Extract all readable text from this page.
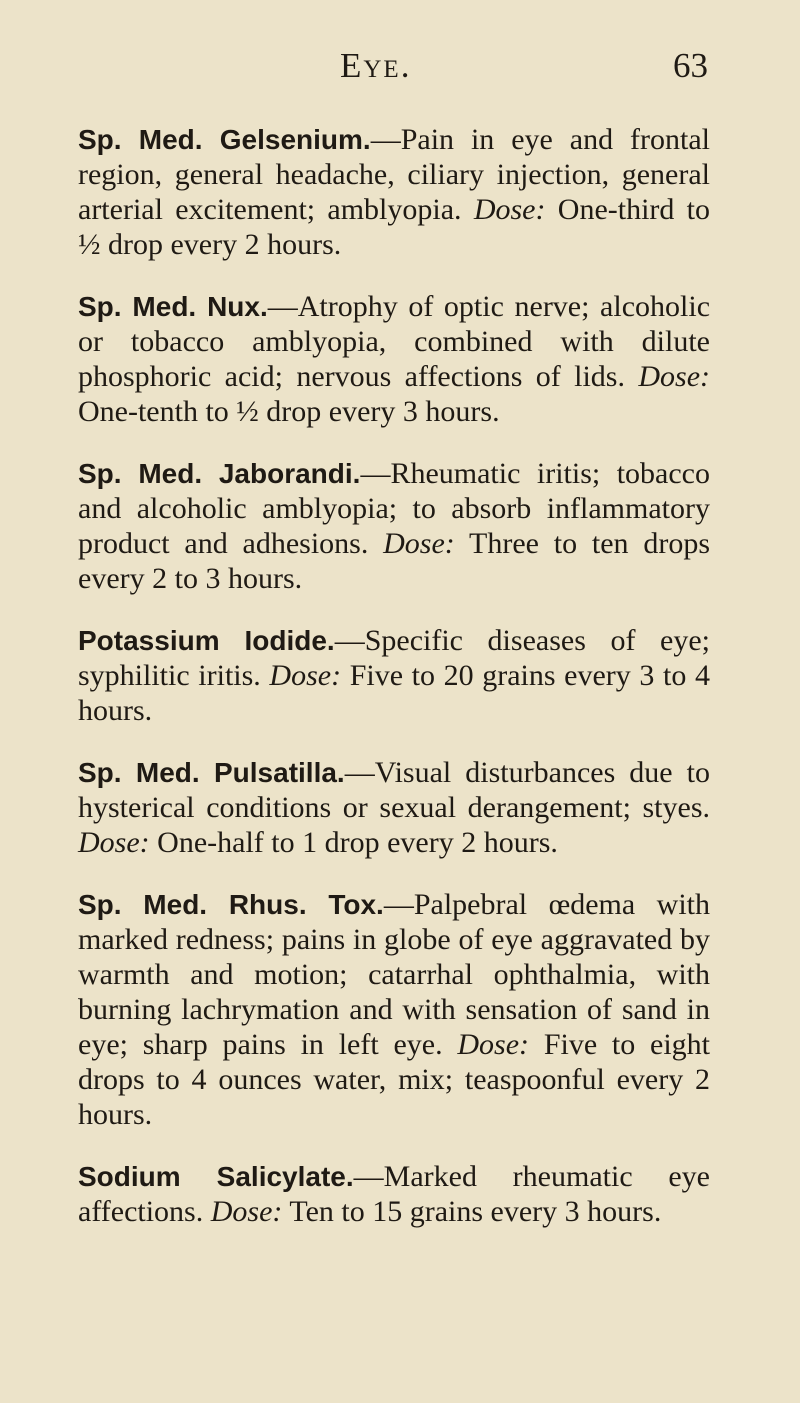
Eye.	63

Sp. Med. Gelsenium.—Pain in eye and frontal region, general headache, ciliary injection, general arterial excitement; amblyopia. Dose: One-third to ½ drop every 2 hours.

Sp. Med. Nux.—Atrophy of optic nerve; alcoholic or tobacco amblyopia, combined with dilute phosphoric acid; nervous affections of lids. Dose: One-tenth to ½ drop every 3 hours.

Sp. Med. Jaborandi.—Rheumatic iritis; tobacco and alcoholic amblyopia; to absorb inflammatory product and adhesions. Dose: Three to ten drops every 2 to 3 hours.

Potassium Iodide.—Specific diseases of eye; syphilitic iritis. Dose: Five to 20 grains every 3 to 4 hours.

Sp. Med. Pulsatilla.—Visual disturbances due to hysterical conditions or sexual derangement; styes. Dose: One-half to 1 drop every 2 hours.

Sp. Med. Rhus. Tox.—Palpebral œdema with marked redness; pains in globe of eye aggravated by warmth and motion; catarrhal ophthalmia, with burning lachrymation and with sensation of sand in eye; sharp pains in left eye. Dose: Five to eight drops to 4 ounces water, mix; teaspoonful every 2 hours.

Sodium Salicylate.—Marked rheumatic eye affections. Dose: Ten to 15 grains every 3 hours.
